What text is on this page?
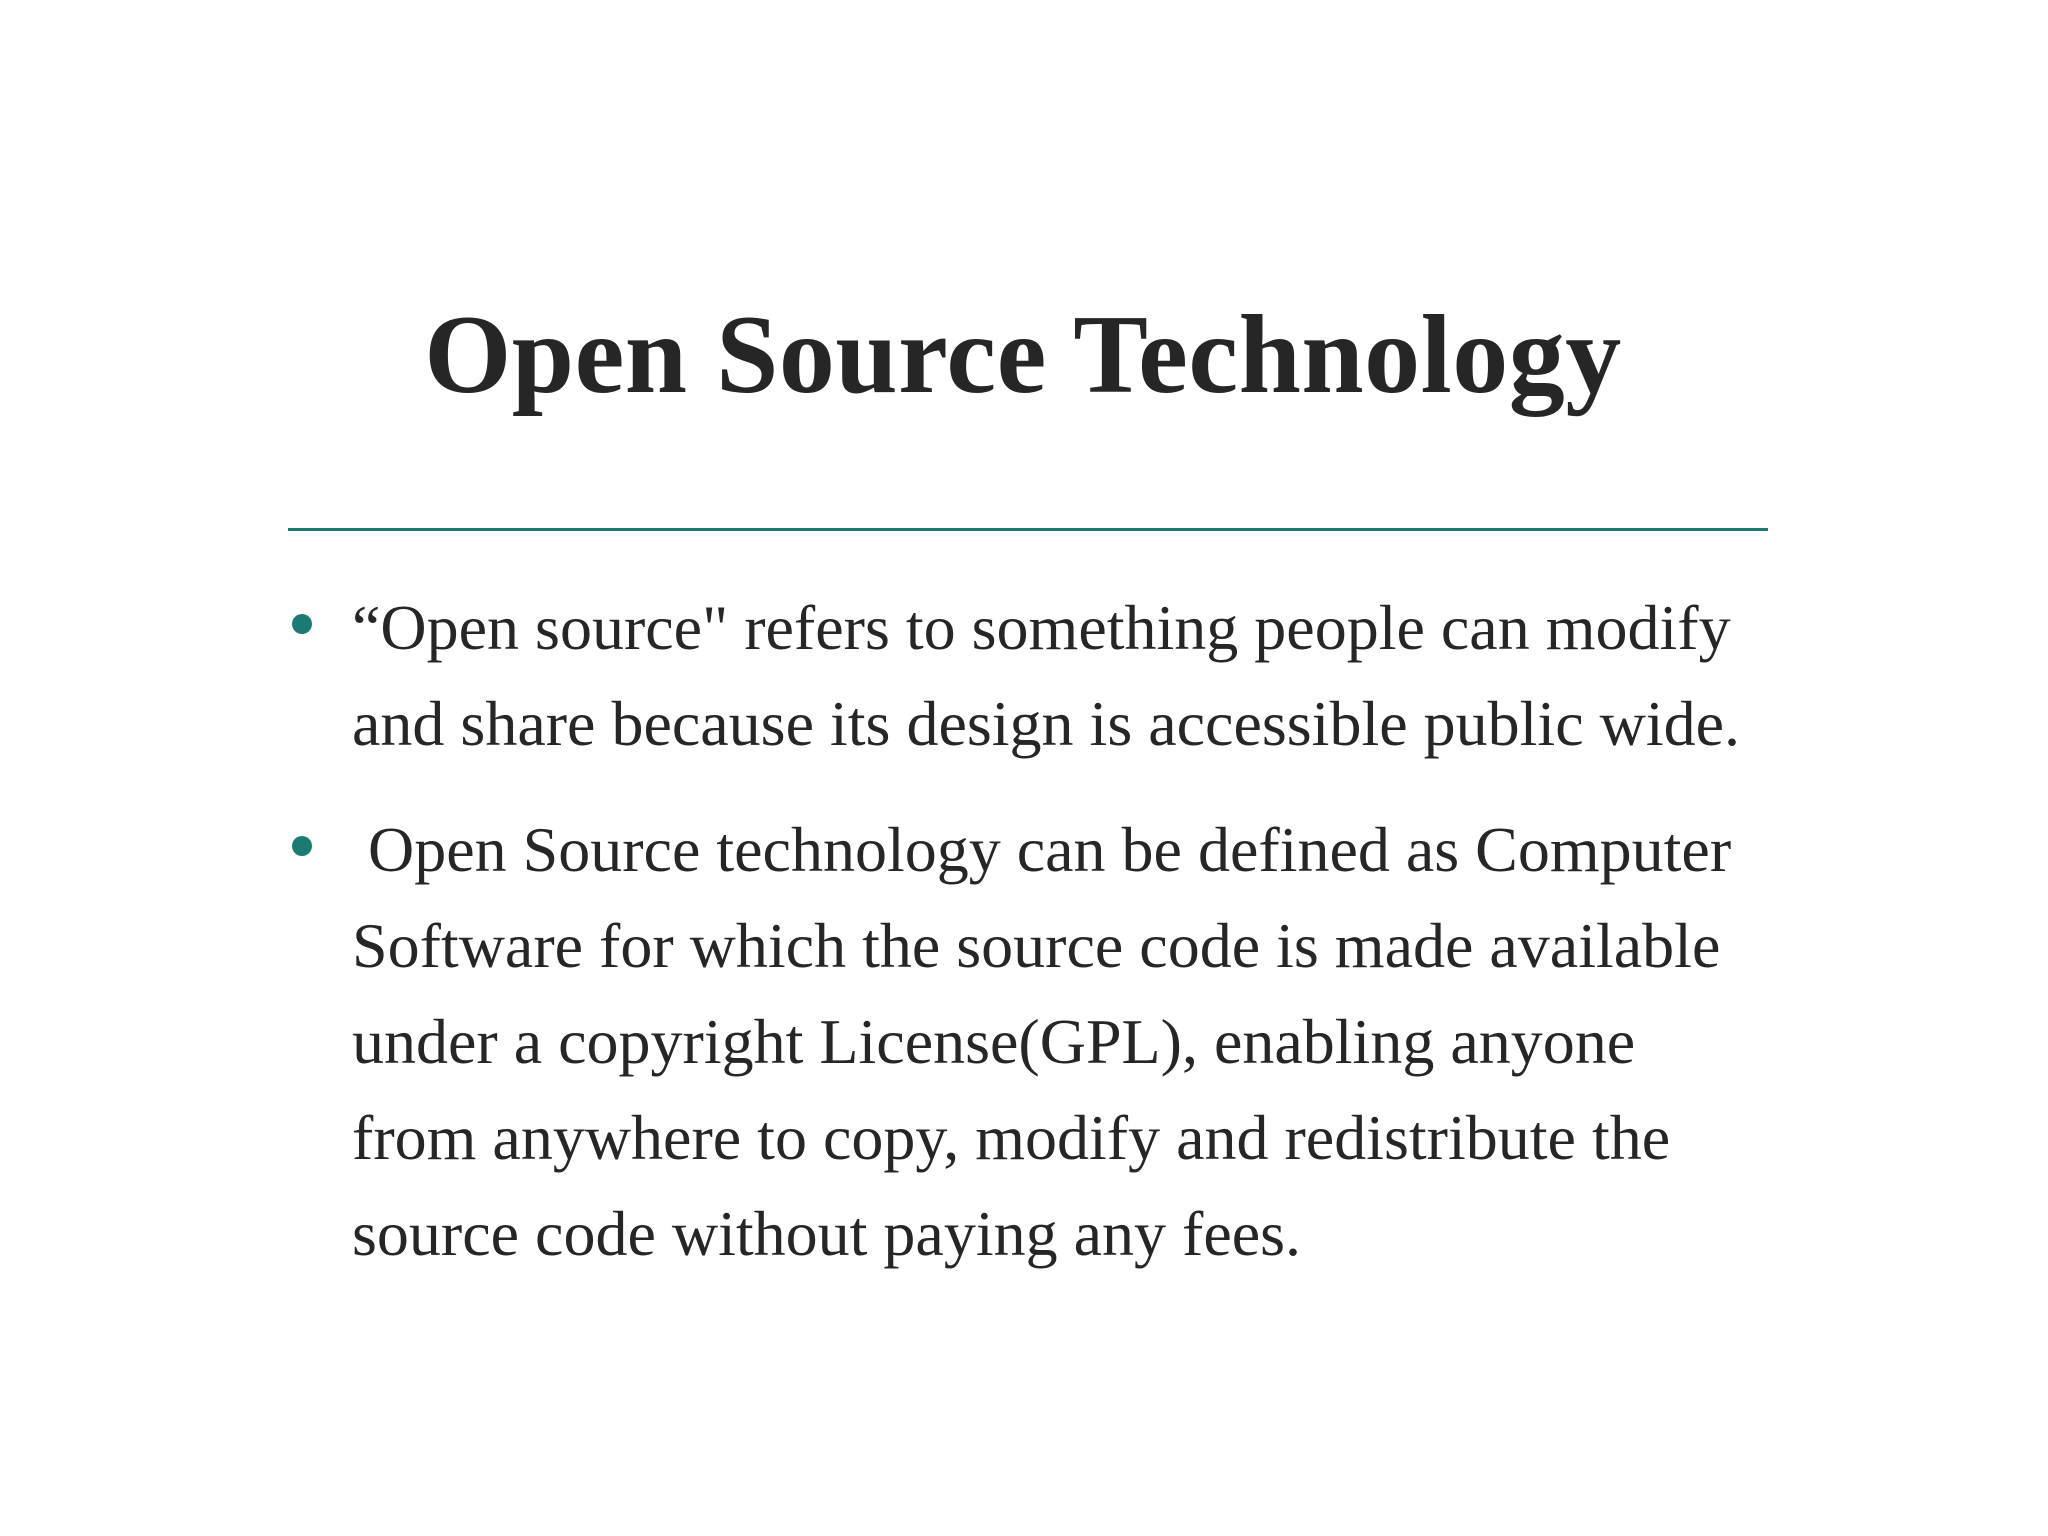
Open Source Technology
“Open source" refers to something people can modify and share because its design is accessible public wide.
Open Source technology can be defined as Computer Software for which the source code is made available under a copyright License(GPL), enabling anyone from anywhere to copy, modify and redistribute the source code without paying any fees.
